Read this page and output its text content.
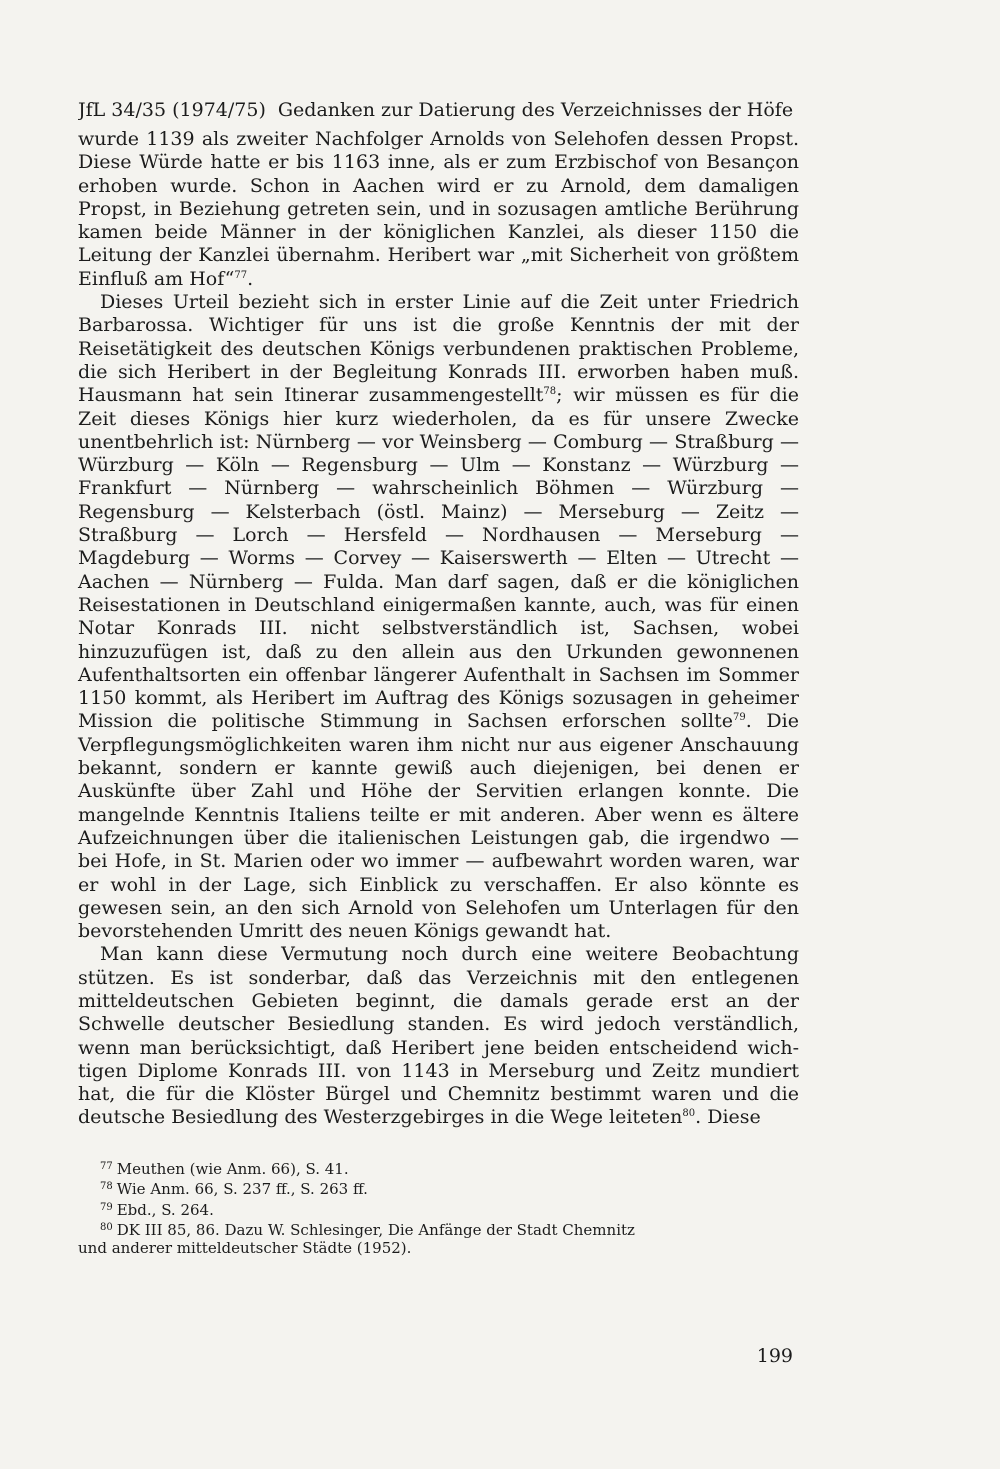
JfL 34/35 (1974/75) Gedanken zur Datierung des Verzeichnisses der Höfe

wurde 1139 als zweiter Nachfolger Arnolds von Selehofen dessen Propst. Diese Würde hatte er bis 1163 inne, als er zum Erzbischof von Besançon erhoben wurde. Schon in Aachen wird er zu Arnold, dem damaligen Propst, in Beziehung getreten sein, und in sozusagen amtliche Berührung kamen beide Männer in der königlichen Kanzlei, als dieser 1150 die Leitung der Kanzlei übernahm. Heribert war „mit Sicherheit von größtem Einfluß am Hof“$^{77}$.

Dieses Urteil bezieht sich in erster Linie auf die Zeit unter Friedrich Barbarossa. Wichtiger für uns ist die große Kenntnis der mit der Reisetätigkeit des deutschen Königs verbundenen praktischen Probleme, die sich Heribert in der Begleitung Konrads III. erworben haben muß. Hausmann hat sein Itinerar zusammengestellt$^{78}$; wir müssen es für die Zeit dieses Königs hier kurz wiederholen, da es für unsere Zwecke unentbehrlich ist: Nürnberg — vor Weinsberg — Comburg — Straßburg — Würzburg — Köln — Regensburg — Ulm — Konstanz — Würzburg — Frankfurt — Nürnberg — wahrscheinlich Böhmen — Würzburg — Regensburg — Kelsterbach (östl. Mainz) — Merseburg — Zeitz — Straßburg — Lorch — Hersfeld — Nordhausen — Merseburg — Magdeburg — Worms — Corvey — Kaiserswerth — Elten — Utrecht — Aachen — Nürnberg — Fulda. Man darf sagen, daß er die königlichen Reisestationen in Deutschland einigermaßen kannte, auch, was für einen Notar Konrads III. nicht selbstverständlich ist, Sachsen, wobei hinzuzufügen ist, daß zu den allein aus den Urkunden gewonnenen Aufenthaltsorten ein offenbar längerer Aufenthalt in Sachsen im Sommer 1150 kommt, als Heribert im Auftrag des Königs sozusagen in geheimer Mission die politische Stimmung in Sachsen erforschen sollte$^{79}$. Die Verpflegungsmöglichkeiten waren ihm nicht nur aus eigener Anschauung bekannt, sondern er kannte gewiß auch diejenigen, bei denen er Auskünfte über Zahl und Höhe der Servitien erlangen konnte. Die mangelnde Kenntnis Italiens teilte er mit anderen. Aber wenn es ältere Aufzeichnungen über die italienischen Leistungen gab, die irgendwo — bei Hofe, in St. Marien oder wo immer — aufbewahrt worden waren, war er wohl in der Lage, sich Einblick zu verschaffen. Er also könnte es gewesen sein, an den sich Arnold von Selehofen um Unterlagen für den bevorstehenden Umritt des neuen Königs gewandt hat.

Man kann diese Vermutung noch durch eine weitere Beobachtung stützen. Es ist sonderbar, daß das Verzeichnis mit den entlegenen mitteldeutschen Gebieten beginnt, die damals gerade erst an der Schwelle deutscher Besiedlung standen. Es wird jedoch verständlich, wenn man berücksichtigt, daß Heribert jene beiden entscheidend wichtigen Diplome Konrads III. von 1143 in Merseburg und Zeitz mundiert hat, die für die Klöster Bürgel und Chemnitz bestimmt waren und die deutsche Besiedlung des Westerzgebirges in die Wege leiteten$^{80}$. Diese

$^{77}$ Meuthen (wie Anm. 66), S. 41.
$^{78}$ Wie Anm. 66, S. 237 ff., S. 263 ff.
$^{79}$ Ebd., S. 264.
$^{80}$ DK III 85, 86. Dazu W. Schlesinger, Die Anfänge der Stadt Chemnitz
und anderer mitteldeutscher Städte (1952).
199
